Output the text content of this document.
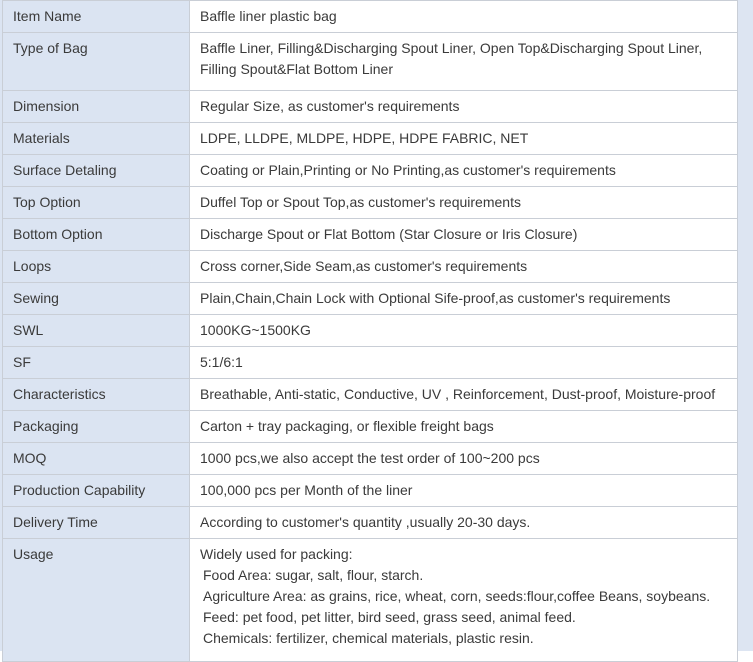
Item Name	Baffle liner plastic bag
Type of Bag	Baffle Liner, Filling&Discharging Spout Liner, Open Top&Discharging Spout Liner, Filling Spout&Flat Bottom Liner
Dimension	Regular Size, as customer's requirements
Materials	LDPE, LLDPE, MLDPE, HDPE, HDPE FABRIC, NET
Surface Detaling	Coating or Plain,Printing or No Printing,as customer's requirements
Top Option	Duffel Top or Spout Top,as customer's requirements
Bottom Option	Discharge Spout or Flat Bottom (Star Closure or Iris Closure)
Loops	Cross corner,Side Seam,as customer's requirements
Sewing	Plain,Chain,Chain Lock with Optional Sife-proof,as customer's requirements
SWL	1000KG~1500KG
SF	5:1/6:1
Characteristics	Breathable, Anti-static, Conductive, UV , Reinforcement, Dust-proof, Moisture-proof
Packaging	Carton + tray packaging, or flexible freight bags
MOQ	1000 pcs,we also accept the test order of 100~200 pcs
Production Capability	100,000 pcs per Month of the liner
Delivery Time	According to customer's quantity ,usually 20-30 days.
Usage	Widely used for packing:
Food Area: sugar, salt, flour, starch.
Agriculture Area: as grains, rice, wheat, corn, seeds:flour,coffee Beans, soybeans.
Feed: pet food, pet litter, bird seed, grass seed, animal feed.
Chemicals: fertilizer, chemical materials, plastic resin.
